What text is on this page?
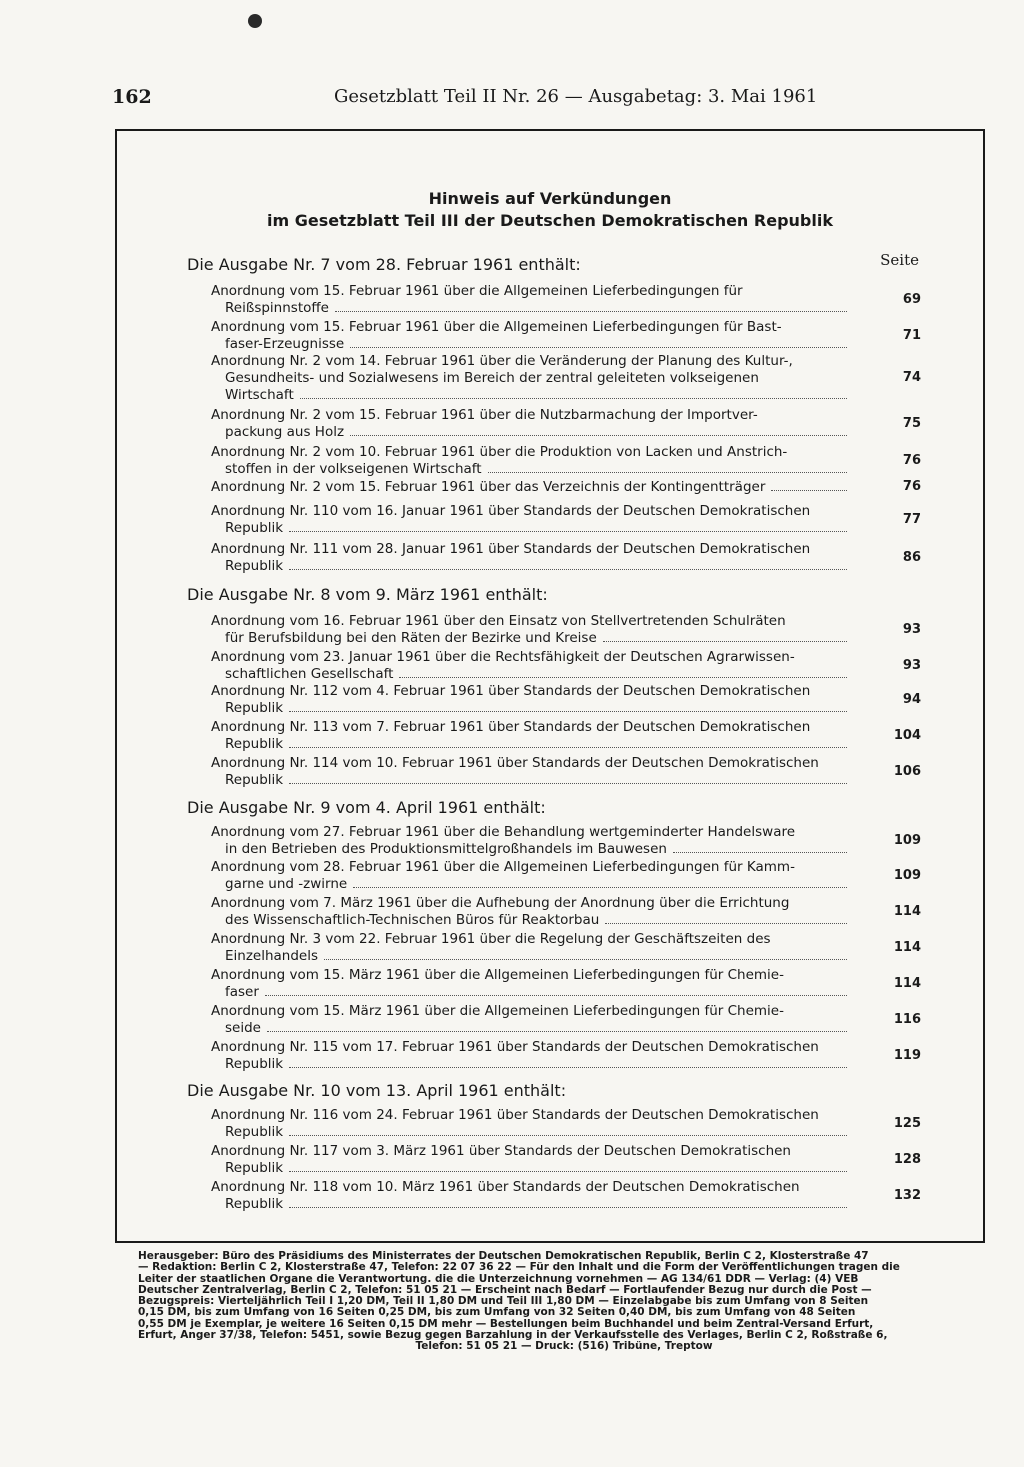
162	Gesetzblatt Teil II Nr. 26 — Ausgabetag: 3. Mai 1961
Hinweis auf Verkündungen
im Gesetzblatt Teil III der Deutschen Demokratischen Republik
Seite
Die Ausgabe Nr. 7 vom 28. Februar 1961 enthält:
Anordnung vom 15. Februar 1961 über die Allgemeinen Lieferbedingungen für
Reißspinnstoffe
69
Anordnung vom 15. Februar 1961 über die Allgemeinen Lieferbedingungen für Bast-
faser-Erzeugnisse
71
Anordnung Nr. 2 vom 14. Februar 1961 über die Veränderung der Planung des Kultur-,
Gesundheits- und Sozialwesens im Bereich der zentral geleiteten volkseigenen
Wirtschaft
74
Anordnung Nr. 2 vom 15. Februar 1961 über die Nutzbarmachung der Importver-
packung aus Holz
75
Anordnung Nr. 2 vom 10. Februar 1961 über die Produktion von Lacken und Anstrich-
stoffen in der volkseigenen Wirtschaft
76
Anordnung Nr. 2 vom 15. Februar 1961 über das Verzeichnis der Kontingentträger	76
Anordnung Nr. 110 vom 16. Januar 1961 über Standards der Deutschen Demokratischen
Republik
77
Anordnung Nr. 111 vom 28. Januar 1961 über Standards der Deutschen Demokratischen
Republik
86
Die Ausgabe Nr. 8 vom 9. März 1961 enthält:
Anordnung vom 16. Februar 1961 über den Einsatz von Stellvertretenden Schulräten
für Berufsbildung bei den Räten der Bezirke und Kreise
93
Anordnung vom 23. Januar 1961 über die Rechtsfähigkeit der Deutschen Agrarwissen-
schaftlichen Gesellschaft
93
Anordnung Nr. 112 vom 4. Februar 1961 über Standards der Deutschen Demokratischen
Republik
94
Anordnung Nr. 113 vom 7. Februar 1961 über Standards der Deutschen Demokratischen
Republik
104
Anordnung Nr. 114 vom 10. Februar 1961 über Standards der Deutschen Demokratischen
Republik
106
Die Ausgabe Nr. 9 vom 4. April 1961 enthält:
Anordnung vom 27. Februar 1961 über die Behandlung wertgeminderter Handelsware
in den Betrieben des Produktionsmittelgroßhandels im Bauwesen
109
Anordnung vom 28. Februar 1961 über die Allgemeinen Lieferbedingungen für Kamm-
garne und -zwirne
109
Anordnung vom 7. März 1961 über die Aufhebung der Anordnung über die Errichtung
des Wissenschaftlich-Technischen Büros für Reaktorbau
114
Anordnung Nr. 3 vom 22. Februar 1961 über die Regelung der Geschäftszeiten des
Einzelhandels
114
Anordnung vom 15. März 1961 über die Allgemeinen Lieferbedingungen für Chemie-
faser
114
Anordnung vom 15. März 1961 über die Allgemeinen Lieferbedingungen für Chemie-
seide
116
Anordnung Nr. 115 vom 17. Februar 1961 über Standards der Deutschen Demokratischen
Republik
119
Die Ausgabe Nr. 10 vom 13. April 1961 enthält:
Anordnung Nr. 116 vom 24. Februar 1961 über Standards der Deutschen Demokratischen
Republik
125
Anordnung Nr. 117 vom 3. März 1961 über Standards der Deutschen Demokratischen
Republik
128
Anordnung Nr. 118 vom 10. März 1961 über Standards der Deutschen Demokratischen
Republik
132
Herausgeber: Büro des Präsidiums des Ministerrates der Deutschen Demokratischen Republik, Berlin C 2, Klosterstraße 47
— Redaktion: Berlin C 2, Klosterstraße 47, Telefon: 22 07 36 22 — Für den Inhalt und die Form der Veröffentlichungen tragen die
Leiter der staatlichen Organe die Verantwortung. die die Unterzeichnung vornehmen — AG 134/61 DDR — Verlag: (4) VEB
Deutscher Zentralverlag, Berlin C 2, Telefon: 51 05 21 — Erscheint nach Bedarf — Fortlaufender Bezug nur durch die Post —
Bezugspreis: Vierteljährlich Teil I 1,20 DM, Teil II 1,80 DM und Teil III 1,80 DM — Einzelabgabe bis zum Umfang von 8 Seiten
0,15 DM, bis zum Umfang von 16 Seiten 0,25 DM, bis zum Umfang von 32 Seiten 0,40 DM, bis zum Umfang von 48 Seiten
0,55 DM je Exemplar, je weitere 16 Seiten 0,15 DM mehr — Bestellungen beim Buchhandel und beim Zentral-Versand Erfurt,
Erfurt, Anger 37/38, Telefon: 5451, sowie Bezug gegen Barzahlung in der Verkaufsstelle des Verlages, Berlin C 2, Roßstraße 6,
Telefon: 51 05 21 — Druck: (516) Tribüne, Treptow
